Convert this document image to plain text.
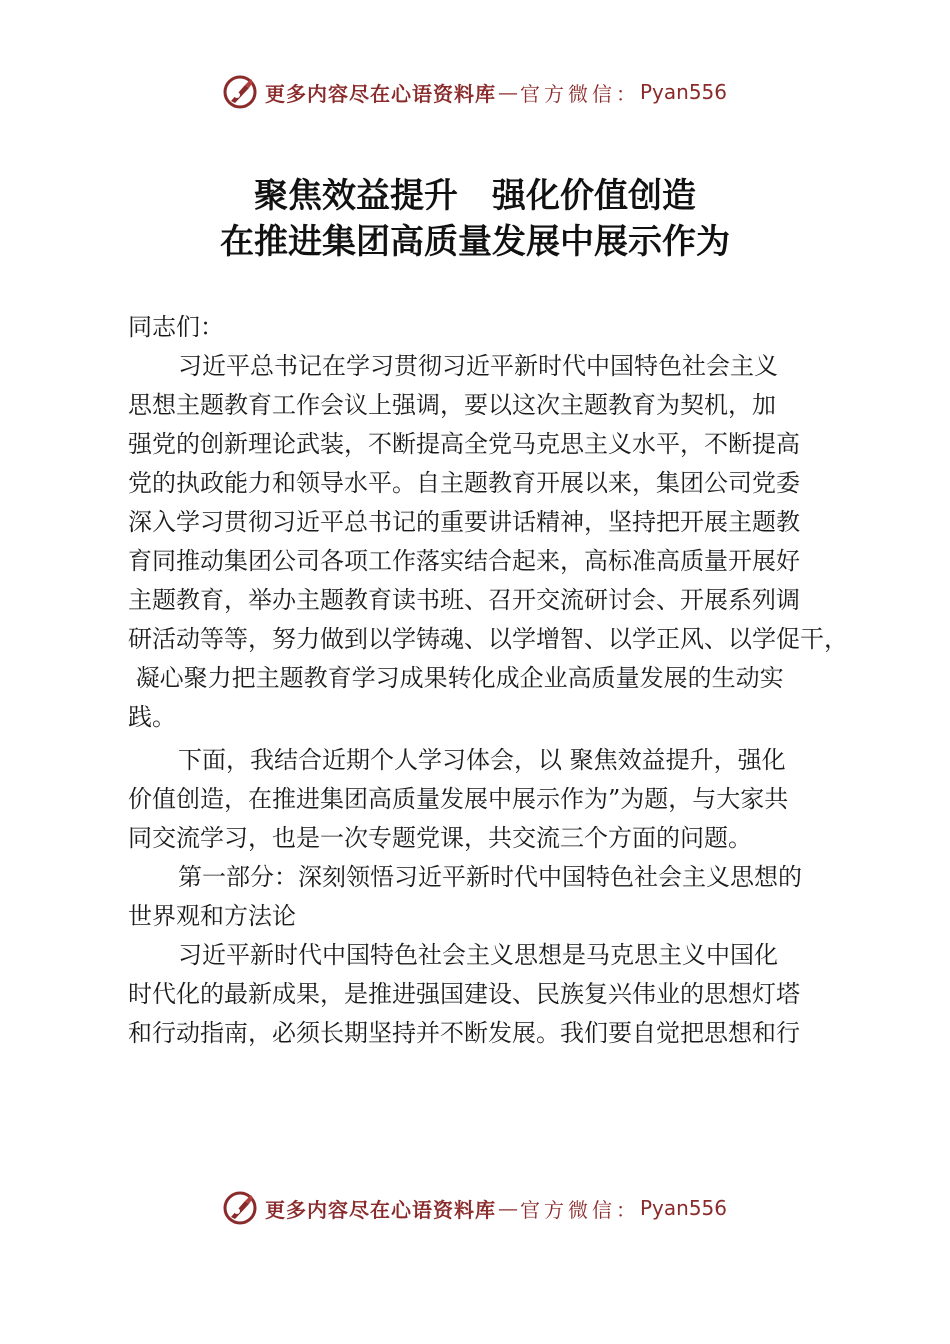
更多内容尽在心语资料库 — 官方微信： Pyan556
聚焦效益提升 强化价值创造
在推进集团高质量发展中展示作为
同志们：
习近平总书记在学习贯彻习近平新时代中国特色社会主义
思想主题教育工作会议上强调，要以这次主题教育为契机，加
强党的创新理论武装，不断提高全党马克思主义水平，不断提高
党的执政能力和领导水平。自主题教育开展以来，集团公司党委
深入学习贯彻习近平总书记的重要讲话精神，坚持把开展主题教
育同推动集团公司各项工作落实结合起来，高标准高质量开展好
主题教育，举办主题教育读书班、召开交流研讨会、开展系列调
研活动等等，努力做到以学铸魂、以学增智、以学正风、以学促干，
凝心聚力把主题教育学习成果转化成企业高质量发展的生动实
践。
下面，我结合近期个人学习体会，以 聚焦效益提升，强化
价值创造，在推进集团高质量发展中展示作为”为题，与大家共
同交流学习，也是一次专题党课，共交流三个方面的问题。
第一部分：深刻领悟习近平新时代中国特色社会主义思想的
世界观和方法论
习近平新时代中国特色社会主义思想是马克思主义中国化
时代化的最新成果，是推进强国建设、民族复兴伟业的思想灯塔
和行动指南，必须长期坚持并不断发展。我们要自觉把思想和行
更多内容尽在心语资料库 — 官方微信： Pyan556
